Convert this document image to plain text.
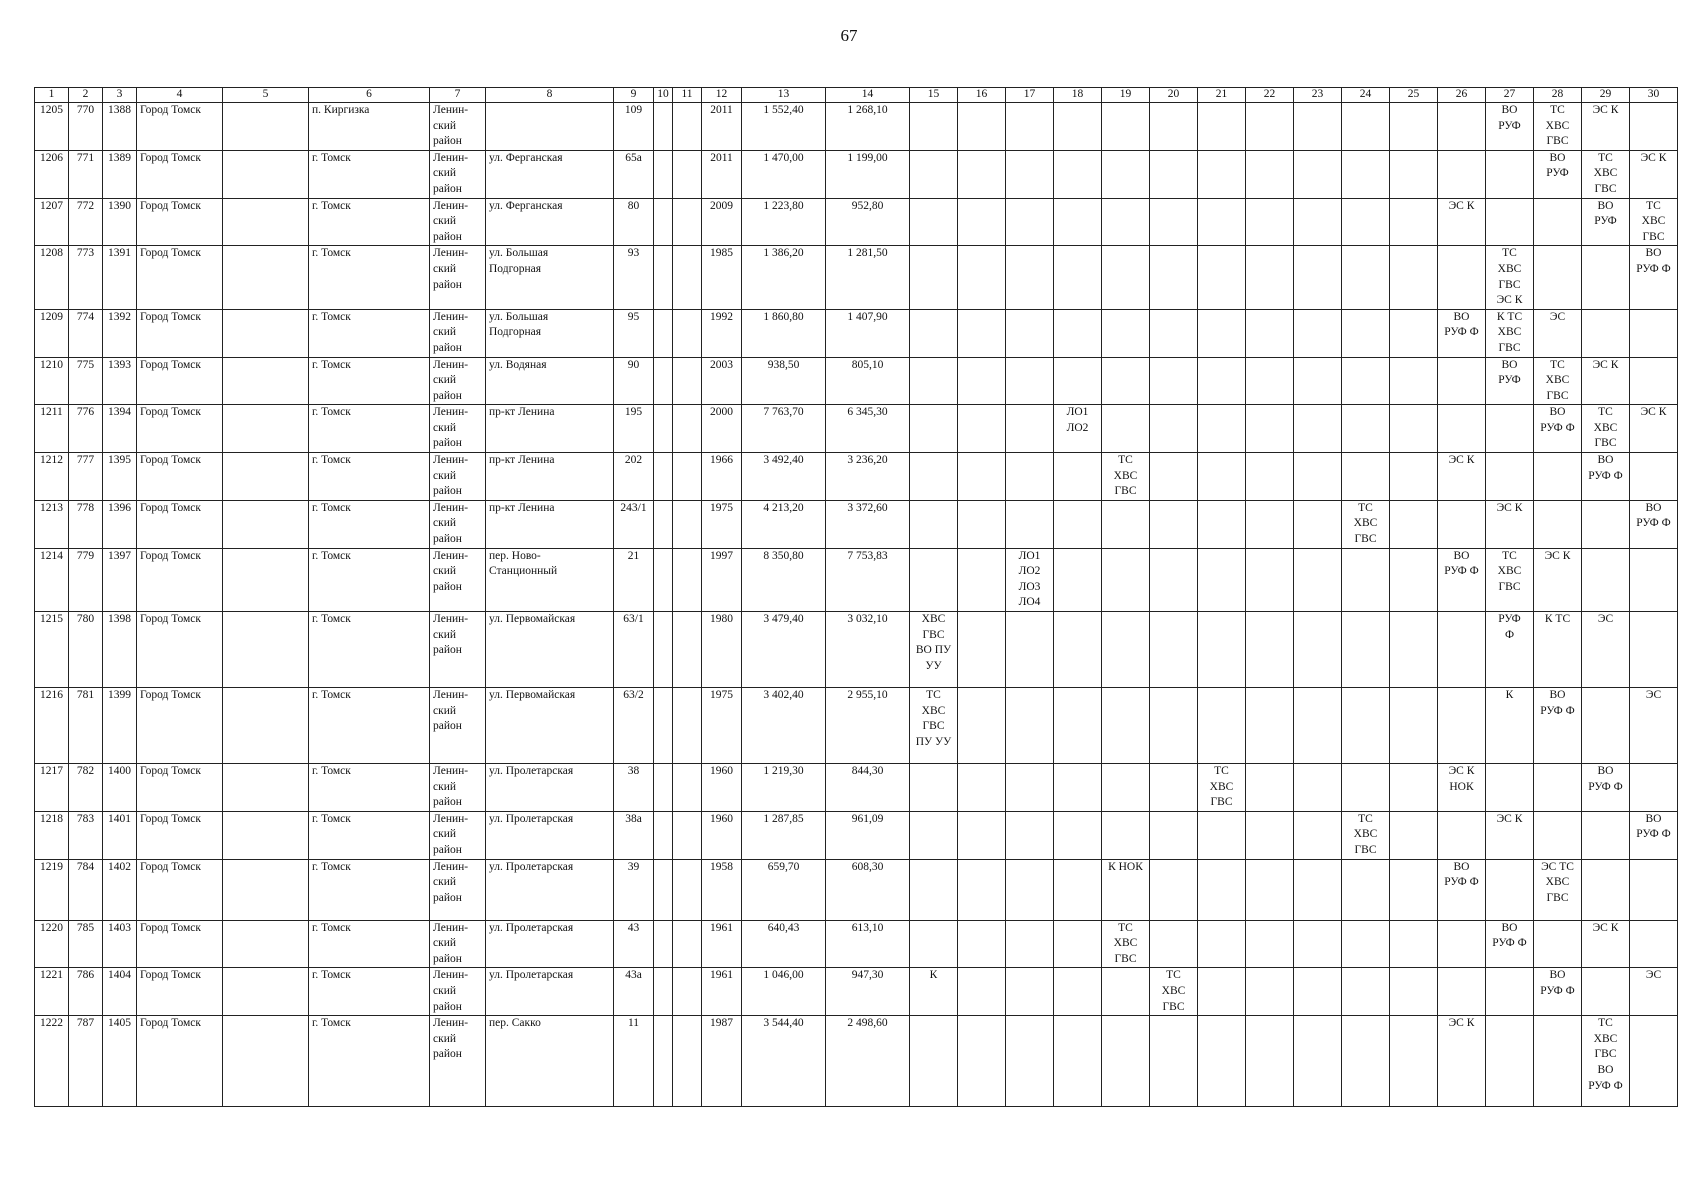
67
1	2	3	4	5	6	7	8	9	10	11	12	13	14	15	16	17	18	19	20	21	22	23	24	25	26	27	28	29	30
1205	770	1388	Город Томск		п. Киргизка	Ленин-
ский
район		109			2011	1 552,40	1 268,10													ВО
РУФ	ТС
ХВС
ГВС	ЭС К	
1206	771	1389	Город Томск		г. Томск	Ленин-
ский
район	ул. Ферганская	65а			2011	1 470,00	1 199,00														ВО
РУФ	ТС
ХВС
ГВС	ЭС К
1207	772	1390	Город Томск		г. Томск	Ленин-
ский
район	ул. Ферганская	80			2009	1 223,80	952,80												ЭС К			ВО
РУФ	ТС
ХВС
ГВС
1208	773	1391	Город Томск		г. Томск	Ленин-
ский
район	ул. Большая
Подгорная	93			1985	1 386,20	1 281,50													ТС
ХВС
ГВС
ЭС К			ВО
РУФ Ф
1209	774	1392	Город Томск		г. Томск	Ленин-
ский
район	ул. Большая
Подгорная	95			1992	1 860,80	1 407,90												ВО
РУФ Ф	К ТС
ХВС
ГВС	ЭС		
1210	775	1393	Город Томск		г. Томск	Ленин-
ский
район	ул. Водяная	90			2003	938,50	805,10													ВО
РУФ	ТС
ХВС
ГВС	ЭС К	
1211	776	1394	Город Томск		г. Томск	Ленин-
ский
район	пр-кт Ленина	195			2000	7 763,70	6 345,30				ЛО1
ЛО2										ВО
РУФ Ф	ТС
ХВС
ГВС	ЭС К
1212	777	1395	Город Томск		г. Томск	Ленин-
ский
район	пр-кт Ленина	202			1966	3 492,40	3 236,20					ТС
ХВС
ГВС							ЭС К			ВО
РУФ Ф	
1213	778	1396	Город Томск		г. Томск	Ленин-
ский
район	пр-кт Ленина	243/1			1975	4 213,20	3 372,60										ТС
ХВС
ГВС			ЭС К			ВО
РУФ Ф
1214	779	1397	Город Томск		г. Томск	Ленин-
ский
район	пер. Ново-
Станционный	21			1997	8 350,80	7 753,83			ЛО1
ЛО2
ЛО3
ЛО4									ВО
РУФ Ф	ТС
ХВС
ГВС	ЭС К		
1215	780	1398	Город Томск		г. Томск	Ленин-
ский
район	ул. Первомайская	63/1			1980	3 479,40	3 032,10	ХВС
ГВС
ВО ПУ
УУ												РУФ
Ф	К ТС	ЭС	
1216	781	1399	Город Томск		г. Томск	Ленин-
ский
район	ул. Первомайская	63/2			1975	3 402,40	2 955,10	ТС
ХВС
ГВС
ПУ УУ												К	ВО
РУФ Ф		ЭС
1217	782	1400	Город Томск		г. Томск	Ленин-
ский
район	ул. Пролетарская	38			1960	1 219,30	844,30							ТС
ХВС
ГВС					ЭС К
НОК			ВО
РУФ Ф	
1218	783	1401	Город Томск		г. Томск	Ленин-
ский
район	ул. Пролетарская	38а			1960	1 287,85	961,09										ТС
ХВС
ГВС			ЭС К			ВО
РУФ Ф
1219	784	1402	Город Томск		г. Томск	Ленин-
ский
район	ул. Пролетарская	39			1958	659,70	608,30					К НОК							ВО
РУФ Ф		ЭС ТС
ХВС
ГВС		
1220	785	1403	Город Томск		г. Томск	Ленин-
ский
район	ул. Пролетарская	43			1961	640,43	613,10					ТС
ХВС
ГВС								ВО
РУФ Ф		ЭС К	
1221	786	1404	Город Томск		г. Томск	Ленин-
ский
район	ул. Пролетарская	43а			1961	1 046,00	947,30	К					ТС
ХВС
ГВС								ВО
РУФ Ф		ЭС
1222	787	1405	Город Томск		г. Томск	Ленин-
ский
район	пер. Сакко	11			1987	3 544,40	2 498,60												ЭС К			ТС
ХВС
ГВС
ВО
РУФ Ф	
